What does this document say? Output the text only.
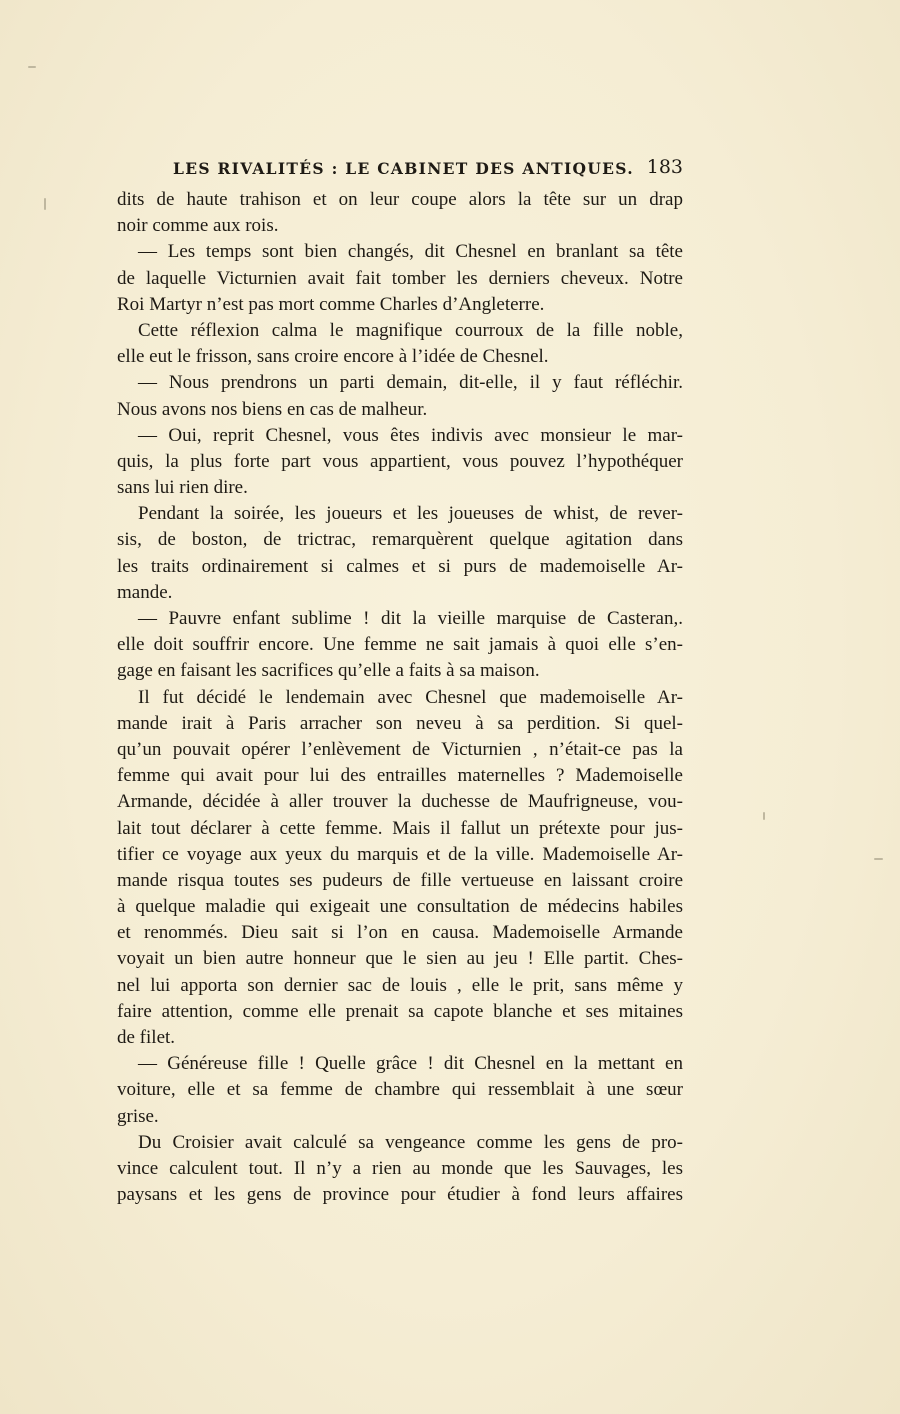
LES RIVALITÉS : LE CABINET DES ANTIQUES. 183
dits de haute trahison et on leur coupe alors la tête sur un drap
noir comme aux rois.
— Les temps sont bien changés, dit Chesnel en branlant sa tête
de laquelle Victurnien avait fait tomber les derniers cheveux. Notre
Roi Martyr n’est pas mort comme Charles d’Angleterre.
Cette réflexion calma le magnifique courroux de la fille noble,
elle eut le frisson, sans croire encore à l’idée de Chesnel.
— Nous prendrons un parti demain, dit-elle, il y faut réfléchir.
Nous avons nos biens en cas de malheur.
— Oui, reprit Chesnel, vous êtes indivis avec monsieur le mar-
quis, la plus forte part vous appartient, vous pouvez l’hypothéquer
sans lui rien dire.
Pendant la soirée, les joueurs et les joueuses de whist, de rever-
sis, de boston, de trictrac, remarquèrent quelque agitation dans
les traits ordinairement si calmes et si purs de mademoiselle Ar-
mande.
— Pauvre enfant sublime ! dit la vieille marquise de Casteran,.
elle doit souffrir encore. Une femme ne sait jamais à quoi elle s’en-
gage en faisant les sacrifices qu’elle a faits à sa maison.
Il fut décidé le lendemain avec Chesnel que mademoiselle Ar-
mande irait à Paris arracher son neveu à sa perdition. Si quel-
qu’un pouvait opérer l’enlèvement de Victurnien , n’était-ce pas la
femme qui avait pour lui des entrailles maternelles ? Mademoiselle
Armande, décidée à aller trouver la duchesse de Maufrigneuse, vou-
lait tout déclarer à cette femme. Mais il fallut un prétexte pour jus-
tifier ce voyage aux yeux du marquis et de la ville. Mademoiselle Ar-
mande risqua toutes ses pudeurs de fille vertueuse en laissant croire
à quelque maladie qui exigeait une consultation de médecins habiles
et renommés. Dieu sait si l’on en causa. Mademoiselle Armande
voyait un bien autre honneur que le sien au jeu ! Elle partit. Ches-
nel lui apporta son dernier sac de louis , elle le prit, sans même y
faire attention, comme elle prenait sa capote blanche et ses mitaines
de filet.
— Généreuse fille ! Quelle grâce ! dit Chesnel en la mettant en
voiture, elle et sa femme de chambre qui ressemblait à une sœur
grise.
Du Croisier avait calculé sa vengeance comme les gens de pro-
vince calculent tout. Il n’y a rien au monde que les Sauvages, les
paysans et les gens de province pour étudier à fond leurs affaires
